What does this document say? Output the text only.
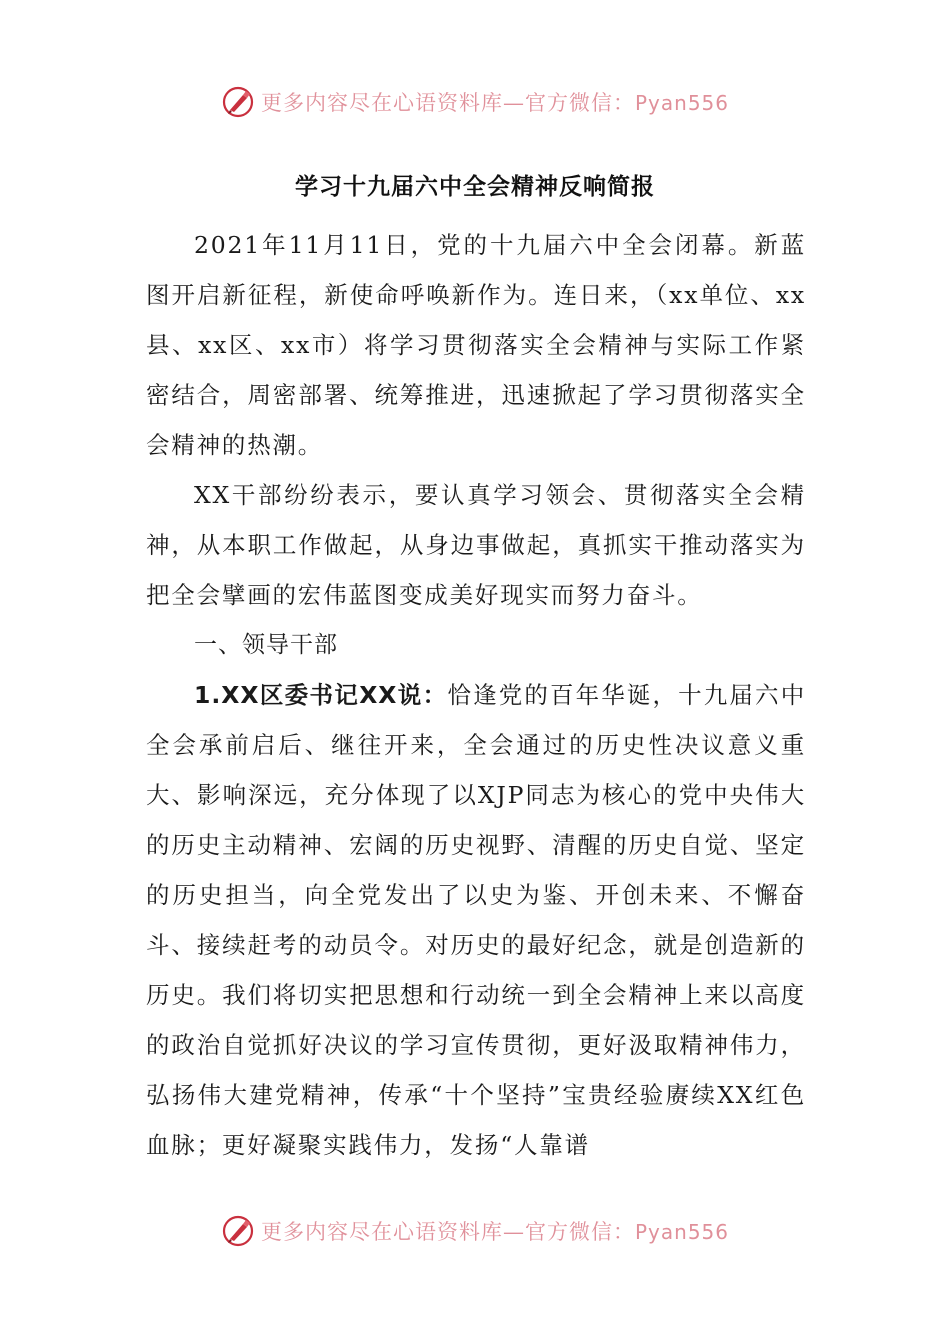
更多内容尽在心语资料库—官方微信：Pyan556
学习十九届六中全会精神反响简报

2021年11月11日，党的十九届六中全会闭幕。新蓝图开启新征程，新使命呼唤新作为。连日来，（xx单位、xx县、xx区、xx市）将学习贯彻落实全会精神与实际工作紧密结合，周密部署、统筹推进，迅速掀起了学习贯彻落实全会精神的热潮。

XX干部纷纷表示，要认真学习领会、贯彻落实全会精神，从本职工作做起，从身边事做起，真抓实干推动落实为把全会擘画的宏伟蓝图变成美好现实而努力奋斗。

一、领导干部

1.XX区委书记XX说：恰逢党的百年华诞，十九届六中全会承前启后、继往开来，全会通过的历史性决议意义重大、影响深远，充分体现了以XJP同志为核心的党中央伟大的历史主动精神、宏阔的历史视野、清醒的历史自觉、坚定的历史担当，向全党发出了以史为鉴、开创未来、不懈奋斗、接续赶考的动员令。对历史的最好纪念，就是创造新的历史。我们将切实把思想和行动统一到全会精神上来以高度的政治自觉抓好决议的学习宣传贯彻，更好汲取精神伟力，弘扬伟大建党精神，传承“十个坚持”宝贵经验赓续XX红色血脉；更好凝聚实践伟力，发扬“人靠谱

更多内容尽在心语资料库—官方微信：Pyan556
